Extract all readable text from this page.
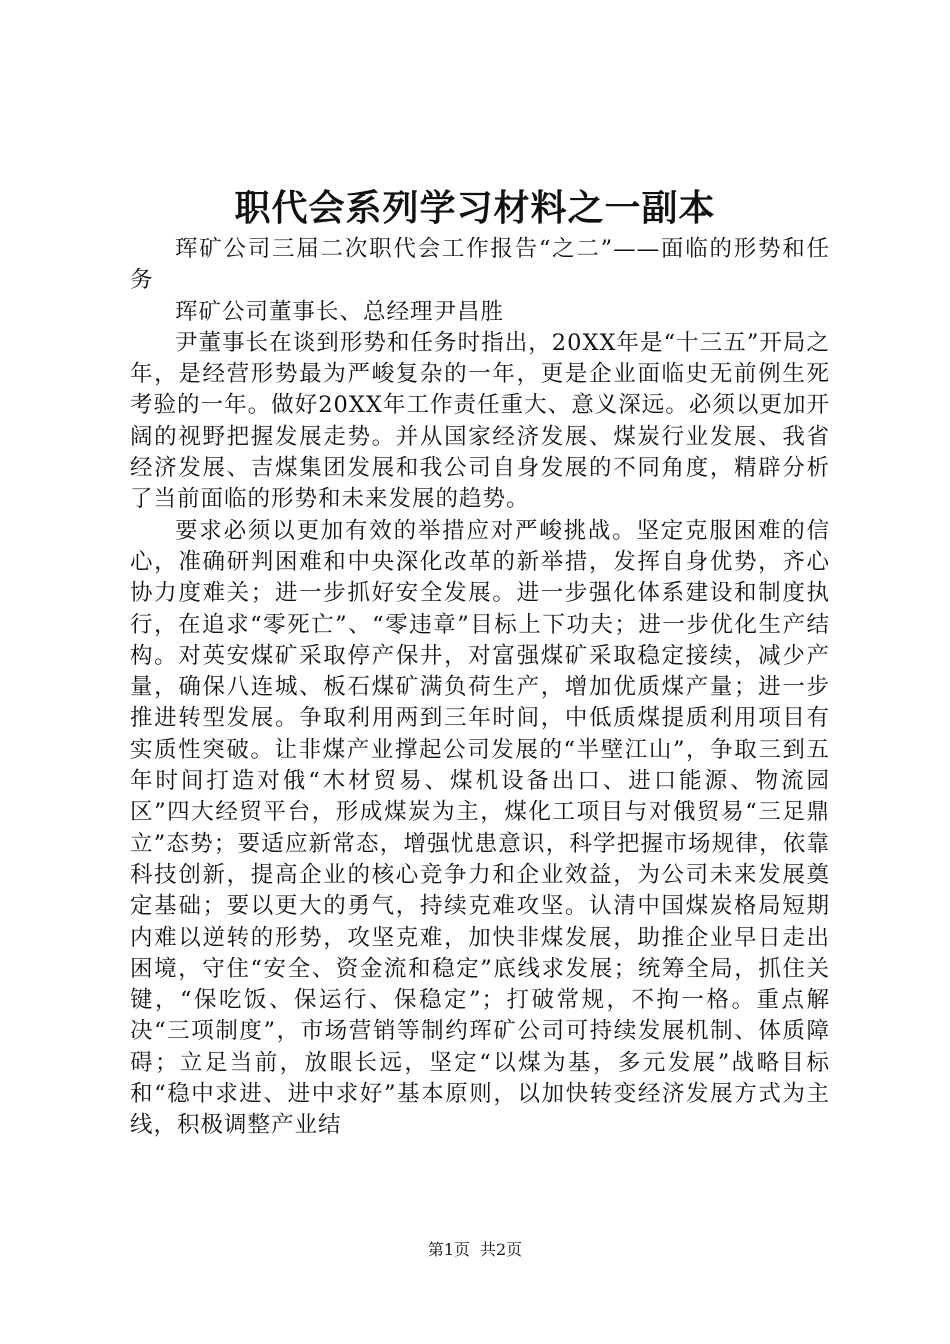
职代会系列学习材料之一副本

珲矿公司三届二次职代会工作报告“之二”——面临的形势和任务

珲矿公司董事长、总经理尹昌胜

尹董事长在谈到形势和任务时指出，20XX年是“十三五”开局之年，是经营形势最为严峻复杂的一年，更是企业面临史无前例生死考验的一年。做好20XX年工作责任重大、意义深远。必须以更加开阔的视野把握发展走势。并从国家经济发展、煤炭行业发展、我省经济发展、吉煤集团发展和我公司自身发展的不同角度，精辟分析了当前面临的形势和未来发展的趋势。

要求必须以更加有效的举措应对严峻挑战。坚定克服困难的信心，准确研判困难和中央深化改革的新举措，发挥自身优势，齐心协力度难关；进一步抓好安全发展。进一步强化体系建设和制度执行，在追求“零死亡”、“零违章”目标上下功夫；进一步优化生产结构。对英安煤矿采取停产保井，对富强煤矿采取稳定接续，减少产量，确保八连城、板石煤矿满负荷生产，增加优质煤产量；进一步推进转型发展。争取利用两到三年时间，中低质煤提质利用项目有实质性突破。让非煤产业撑起公司发展的“半壁江山”，争取三到五年时间打造对俄“木材贸易、煤机设备出口、进口能源、物流园区”四大经贸平台，形成煤炭为主，煤化工项目与对俄贸易“三足鼎立”态势；要适应新常态，增强忧患意识，科学把握市场规律，依靠科技创新，提高企业的核心竞争力和企业效益，为公司未来发展奠定基础；要以更大的勇气，持续克难攻坚。认清中国煤炭格局短期内难以逆转的形势，攻坚克难，加快非煤发展，助推企业早日走出困境，守住“安全、资金流和稳定”底线求发展；统筹全局，抓住关键，“保吃饭、保运行、保稳定”；打破常规，不拘一格。重点解决“三项制度”，市场营销等制约珲矿公司可持续发展机制、体质障碍；立足当前，放眼长远，坚定“以煤为基，多元发展”战略目标和“稳中求进、进中求好”基本原则，以加快转变经济发展方式为主线，积极调整产业结

第1页 共2页
